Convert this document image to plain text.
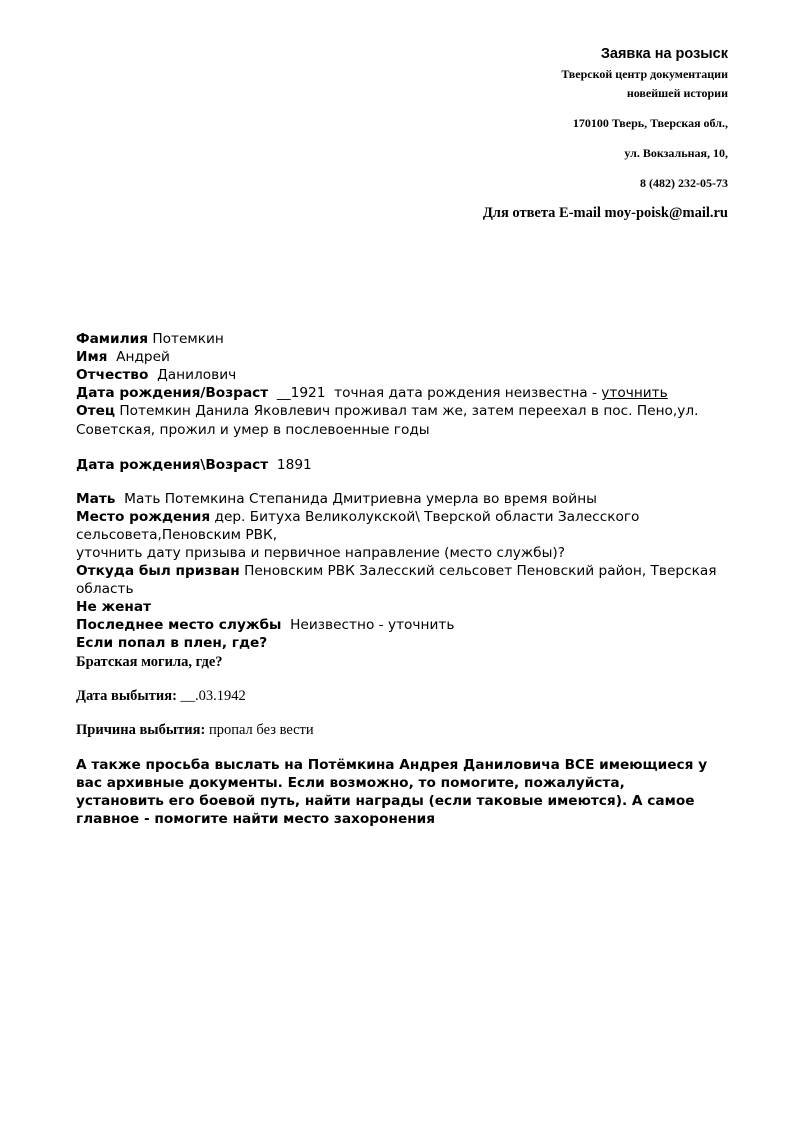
Заявка на розыск
Тверской центр документации
новейшей истории
170100 Тверь, Тверская обл.,
ул. Вокзальная, 10,
8 (482) 232-05-73
Для ответа E-mail moy-poisk@mail.ru
Фамилия Потемкин
Имя  Андрей
Отчество  Данилович
Дата рождения/Возраст  __1921  точная дата рождения неизвестна - уточнить
Отец Потемкин Данила Яковлевич проживал там же, затем переехал в пос. Пено,ул. Советская, прожил и умер в послевоенные годы
Дата рождения\Возраст  1891
Мать  Мать Потемкина Степанида Дмитриевна умерла во время войны
Место рождения дер. Битуха Великолукской\ Тверской области Залесского сельсовета,Пеновским РВК,
уточнить дату призыва и первичное направление (место службы)?
Откуда был призван Пеновским РВК Залесский сельсовет Пеновский район, Тверская область
Не женат
Последнее место службы  Неизвестно - уточнить
Если попал в плен, где?
Братская могила, где?
Дата выбытия: __.03.1942
Причина выбытия: пропал без вести
А также просьба выслать на Потёмкина Андрея Даниловича ВСЕ имеющиеся у вас архивные документы. Если возможно, то помогите, пожалуйста, установить его боевой путь, найти награды (если таковые имеются). А самое главное - помогите найти место захоронения
